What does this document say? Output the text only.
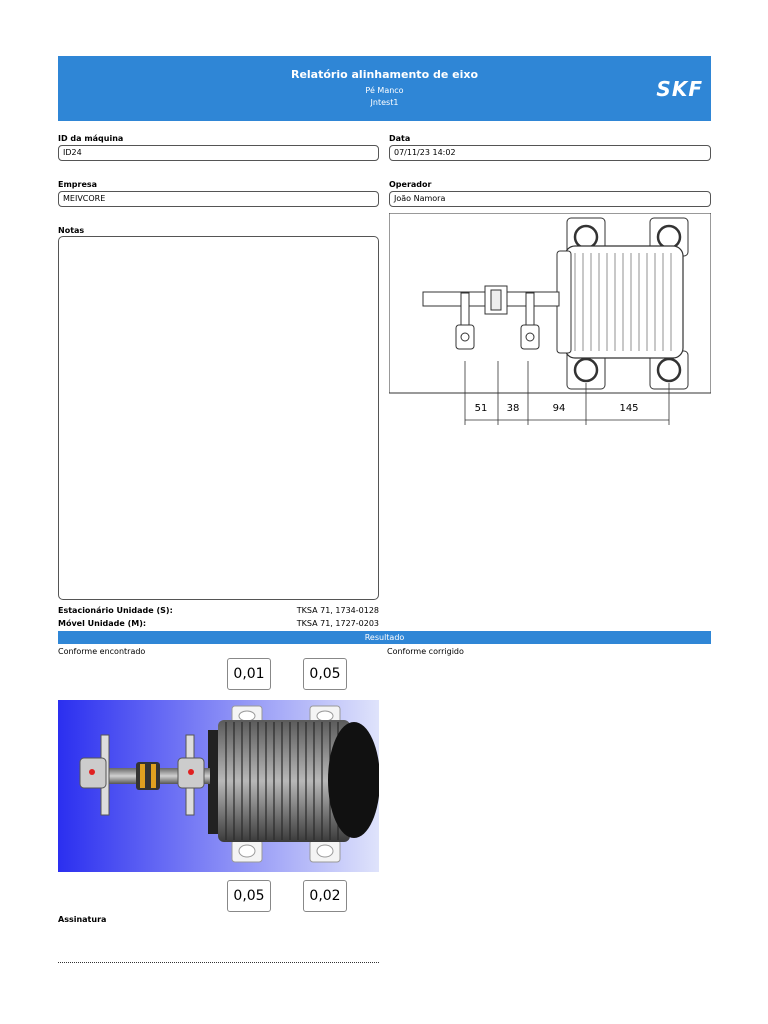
Relatório alinhamento de eixo
Pé Manco
Jntest1
SKF
ID da máquina
ID24
Data
07/11/23 14:02
Empresa
MEIVCORE
Operador
João Namora
Notas
51 38	94	145
Estacionário Unidade (S):	TKSA 71, 1734-0128
Móvel Unidade (M):	TKSA 71, 1727-0203
Resultado
Conforme encontrado	Conforme corrigido
0,01	0,05
0,05	0,02
Assinatura
